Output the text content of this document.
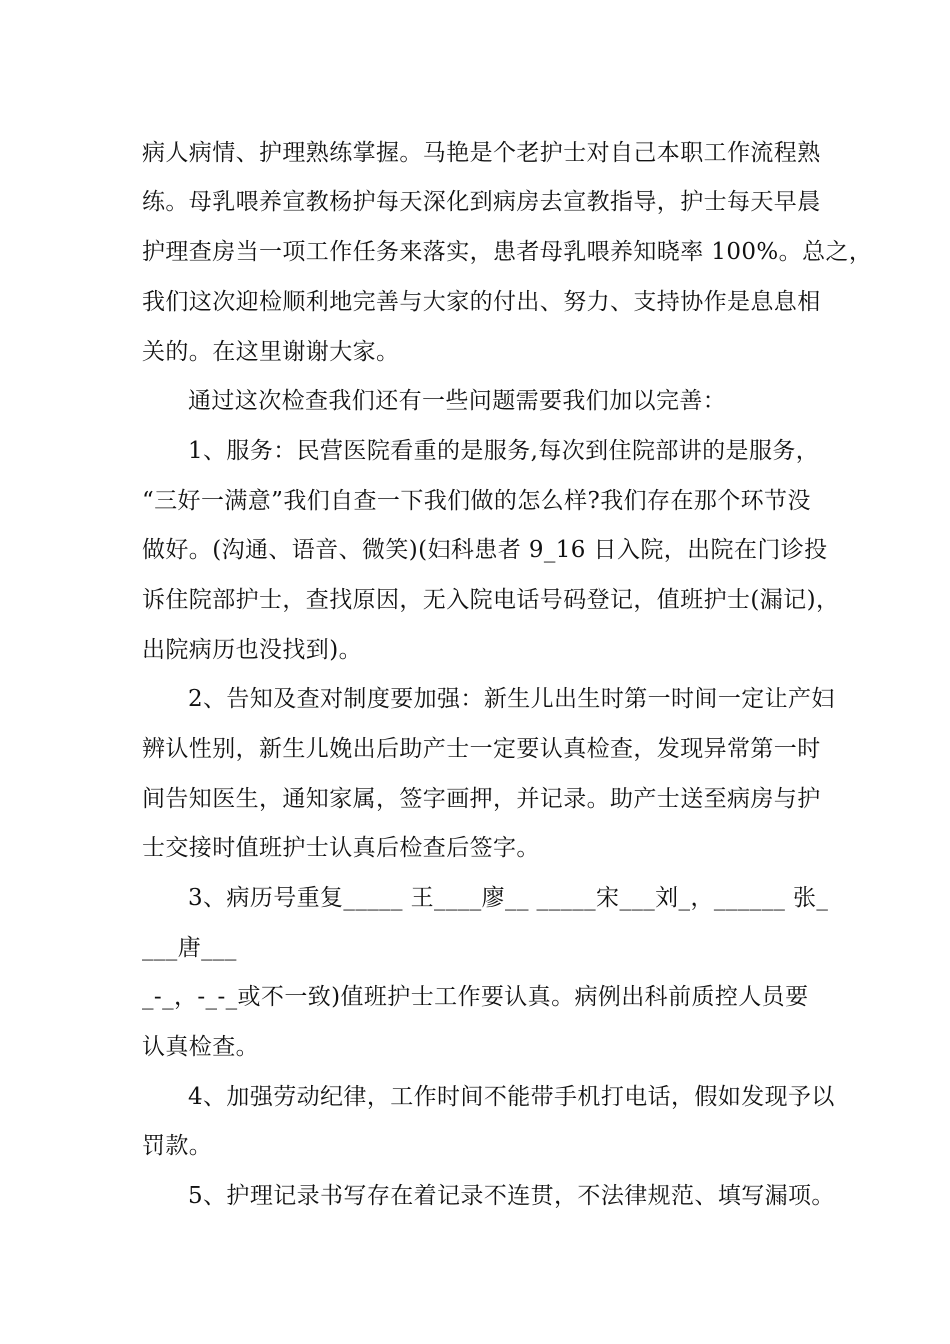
病人病情、护理熟练掌握。马艳是个老护士对自己本职工作流程熟
练。母乳喂养宣教杨护每天深化到病房去宣教指导，护士每天早晨
护理查房当一项工作任务来落实，患者母乳喂养知晓率 100%。总之，
我们这次迎检顺利地完善与大家的付出、努力、支持协作是息息相
关的。在这里谢谢大家。
通过这次检查我们还有一些问题需要我们加以完善：
1、服务：民营医院看重的是服务,每次到住院部讲的是服务，
“三好一满意”我们自查一下我们做的怎么样?我们存在那个环节没
做好。(沟通、语音、微笑)(妇科患者 9_16 日入院，出院在门诊投
诉住院部护士，查找原因，无入院电话号码登记，值班护士(漏记)，
出院病历也没找到)。
2、告知及查对制度要加强：新生儿出生时第一时间一定让产妇
辨认性别，新生儿娩出后助产士一定要认真检查，发现异常第一时
间告知医生，通知家属，签字画押，并记录。助产士送至病房与护
士交接时值班护士认真后检查后签字。
3、病历号重复_____ 王____廖__ _____宋___刘_，______ 张_
___唐___
_-_，-_-_或不一致)值班护士工作要认真。病例出科前质控人员要
认真检查。
4、加强劳动纪律，工作时间不能带手机打电话，假如发现予以
罚款。
5、护理记录书写存在着记录不连贯，不法律规范、填写漏项。
